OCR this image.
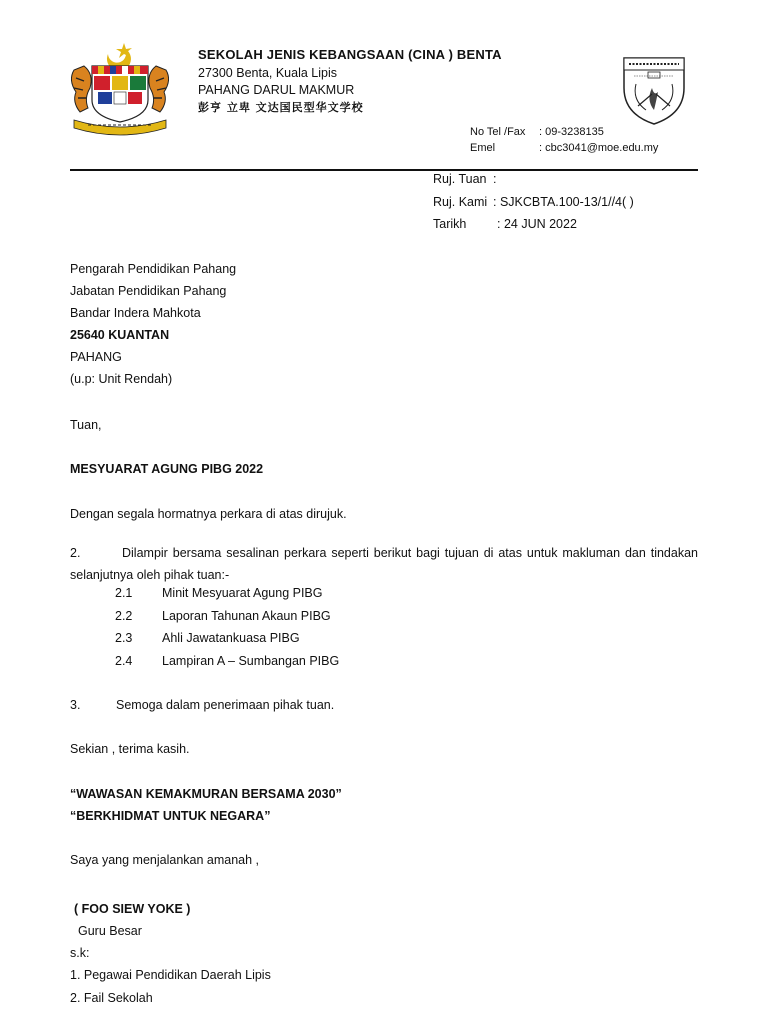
SEKOLAH JENIS KEBANGSAAN (CINA ) BENTA
27300 Benta, Kuala Lipis
PAHANG DARUL MAKMUR
彭亨 立卑 文达国民型华文学校
No Tel /Fax : 09-3238135
Emel	: cbc3041@moe.edu.my
Ruj. Tuan :
Ruj. Kami : SJKCBTA.100-13/1//4( )
Tarikh : 24 JUN 2022
Pengarah Pendidikan Pahang
Jabatan Pendidikan Pahang
Bandar Indera Mahkota
25640 KUANTAN
PAHANG
(u.p: Unit Rendah)
Tuan,
MESYUARAT AGUNG PIBG 2022
Dengan segala hormatnya perkara di atas dirujuk.
2.	Dilampir bersama sesalinan perkara seperti berikut bagi tujuan di atas untuk makluman dan tindakan selanjutnya oleh pihak tuan:-
2.1 Minit Mesyuarat Agung PIBG
2.2 Laporan Tahunan Akaun PIBG
2.3 Ahli Jawatankuasa PIBG
2.4 Lampiran A – Sumbangan PIBG
3.	Semoga dalam penerimaan pihak tuan.
Sekian , terima kasih.
“WAWASAN KEMAKMURAN BERSAMA 2030”
“BERKHIDMAT UNTUK NEGARA”
Saya yang menjalankan amanah ,
( FOO SIEW YOKE )
Guru Besar
s.k:
1. Pegawai Pendidikan Daerah Lipis
2. Fail Sekolah
